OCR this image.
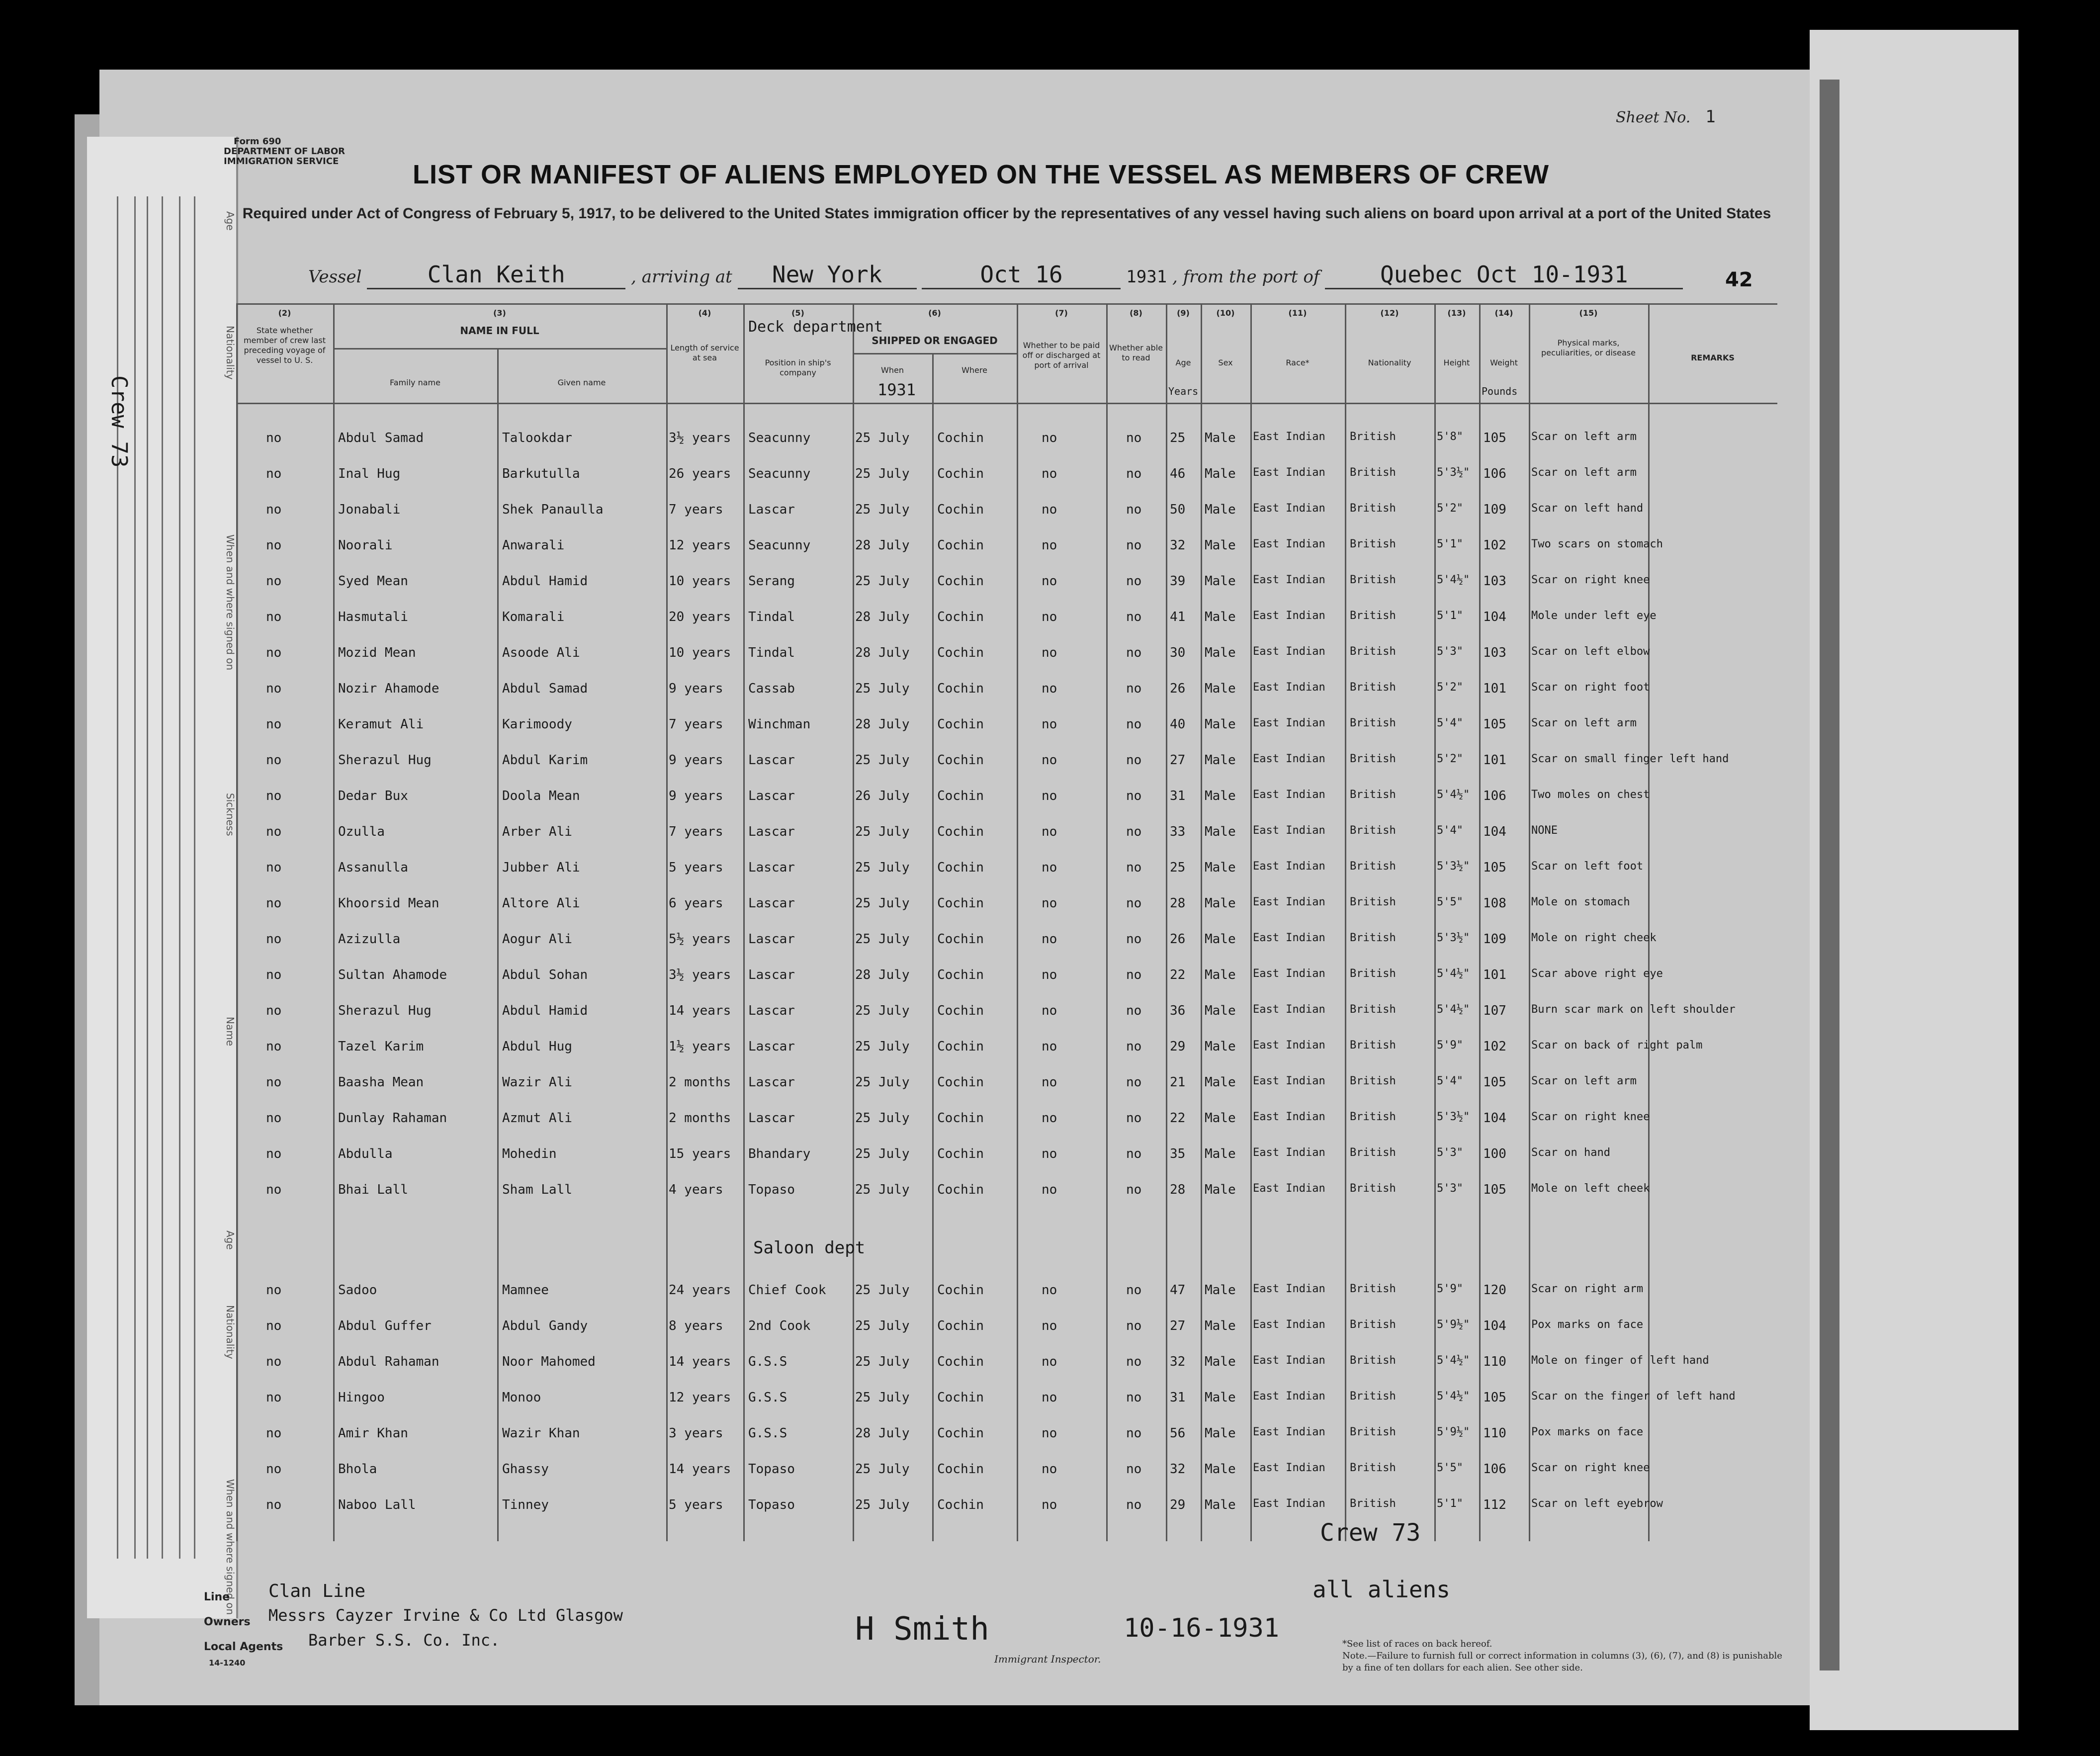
Age
Nationality
When and where signed on
Sickness
Name
Age
Nationality
When and where signed on
Crew 73
Form 690
DEPARTMENT OF LABOR
IMMIGRATION SERVICE
Sheet No. 1
LIST OR MANIFEST OF ALIENS EMPLOYED ON THE VESSEL AS MEMBERS OF CREW
Required under Act of Congress of February 5, 1917, to be delivered to the United States immigration officer by the representatives of any vessel having such aliens on board upon arrival at a port of the United States
Vessel	Clan Keith	, arriving at New York	Oct 16	1931 , from the port of	Quebec Oct 10-1931	42
(2)
State whether member of crew last preceding voyage of vessel to U. S.
(3)
NAME IN FULL
Family name	Given name
(4)
Length of service at sea
(5)
Position in ship's company
Deck department
(6)
SHIPPED OR ENGAGED
When
1931
Where
(7)
Whether to be paid off or discharged at port of arrival
(8)
Whether able to read
(9)
Age
Years
(10)
Sex
(11)
Race*
(12)
Nationality
(13)
Height
(14)
Weight
Pounds
(15)
Physical marks, peculiarities, or disease
REMARKS
no	Abdul Samad	Talookdar	3½ years	Seacunny	25 July	Cochin	no	no	25	Male	East Indian	British	5'8"	105	Scar on left arm
no	Inal Hug	Barkutulla	26 years	Seacunny	25 July	Cochin	no	no	46	Male	East Indian	British	5'3½"	106	Scar on left arm
no	Jonabali	Shek Panaulla	7 years	Lascar	25 July	Cochin	no	no	50	Male	East Indian	British	5'2"	109	Scar on left hand
no	Noorali	Anwarali	12 years	Seacunny	28 July	Cochin	no	no	32	Male	East Indian	British	5'1"	102	Two scars on stomach
no	Syed Mean	Abdul Hamid	10 years	Serang	25 July	Cochin	no	no	39	Male	East Indian	British	5'4½"	103	Scar on right knee
no	Hasmutali	Komarali	20 years	Tindal	28 July	Cochin	no	no	41	Male	East Indian	British	5'1"	104	Mole under left eye
no	Mozid Mean	Asoode Ali	10 years	Tindal	28 July	Cochin	no	no	30	Male	East Indian	British	5'3"	103	Scar on left elbow
no	Nozir Ahamode	Abdul Samad	9 years	Cassab	25 July	Cochin	no	no	26	Male	East Indian	British	5'2"	101	Scar on right foot
no	Keramut Ali	Karimoody	7 years	Winchman	28 July	Cochin	no	no	40	Male	East Indian	British	5'4"	105	Scar on left arm
no	Sherazul Hug	Abdul Karim	9 years	Lascar	25 July	Cochin	no	no	27	Male	East Indian	British	5'2"	101	Scar on small finger left hand
no	Dedar Bux	Doola Mean	9 years	Lascar	26 July	Cochin	no	no	31	Male	East Indian	British	5'4½"	106	Two moles on chest
no	Ozulla	Arber Ali	7 years	Lascar	25 July	Cochin	no	no	33	Male	East Indian	British	5'4"	104	NONE
no	Assanulla	Jubber Ali	5 years	Lascar	25 July	Cochin	no	no	25	Male	East Indian	British	5'3½"	105	Scar on left foot
no	Khoorsid Mean	Altore Ali	6 years	Lascar	25 July	Cochin	no	no	28	Male	East Indian	British	5'5"	108	Mole on stomach
no	Azizulla	Aogur Ali	5½ years	Lascar	25 July	Cochin	no	no	26	Male	East Indian	British	5'3½"	109	Mole on right cheek
no	Sultan Ahamode	Abdul Sohan	3½ years	Lascar	28 July	Cochin	no	no	22	Male	East Indian	British	5'4½"	101	Scar above right eye
no	Sherazul Hug	Abdul Hamid	14 years	Lascar	25 July	Cochin	no	no	36	Male	East Indian	British	5'4½"	107	Burn scar mark on left shoulder
no	Tazel Karim	Abdul Hug	1½ years	Lascar	25 July	Cochin	no	no	29	Male	East Indian	British	5'9"	102	Scar on back of right palm
no	Baasha Mean	Wazir Ali	2 months	Lascar	25 July	Cochin	no	no	21	Male	East Indian	British	5'4"	105	Scar on left arm
no	Dunlay Rahaman	Azmut Ali	2 months	Lascar	25 July	Cochin	no	no	22	Male	East Indian	British	5'3½"	104	Scar on right knee
no	Abdulla	Mohedin	15 years	Bhandary	25 July	Cochin	no	no	35	Male	East Indian	British	5'3"	100	Scar on hand
no	Bhai Lall	Sham Lall	4 years	Topaso	25 July	Cochin	no	no	28	Male	East Indian	British	5'3"	105	Mole on left cheek
no	Sadoo	Mamnee	24 years	Chief Cook	25 July	Cochin	no	no	47	Male	East Indian	British	5'9"	120	Scar on right arm
no	Abdul Guffer	Abdul Gandy	8 years	2nd Cook	25 July	Cochin	no	no	27	Male	East Indian	British	5'9½"	104	Pox marks on face
no	Abdul Rahaman	Noor Mahomed	14 years	G.S.S	25 July	Cochin	no	no	32	Male	East Indian	British	5'4½"	110	Mole on finger of left hand
no	Hingoo	Monoo	12 years	G.S.S	25 July	Cochin	no	no	31	Male	East Indian	British	5'4½"	105	Scar on the finger of left hand
no	Amir Khan	Wazir Khan	3 years	G.S.S	28 July	Cochin	no	no	56	Male	East Indian	British	5'9½"	110	Pox marks on face
no	Bhola	Ghassy	14 years	Topaso	25 July	Cochin	no	no	32	Male	East Indian	British	5'5"	106	Scar on right knee
no	Naboo Lall	Tinney	5 years	Topaso	25 July	Cochin	no	no	29	Male	East Indian	British	5'1"	112	Scar on left eyebrow
Saloon dept
Crew 73
all aliens
Line Clan Line
Owners Messrs Cayzer Irvine & Co Ltd Glasgow
Local Agents Barber S.S. Co. Inc.
14-1240
H Smith	10-16-1931
Immigrant Inspector.
*See list of races on back hereof.
Note.—Failure to furnish full or correct information in columns (3), (6), (7), and (8) is punishable by a fine of ten dollars for each alien. See other side.
